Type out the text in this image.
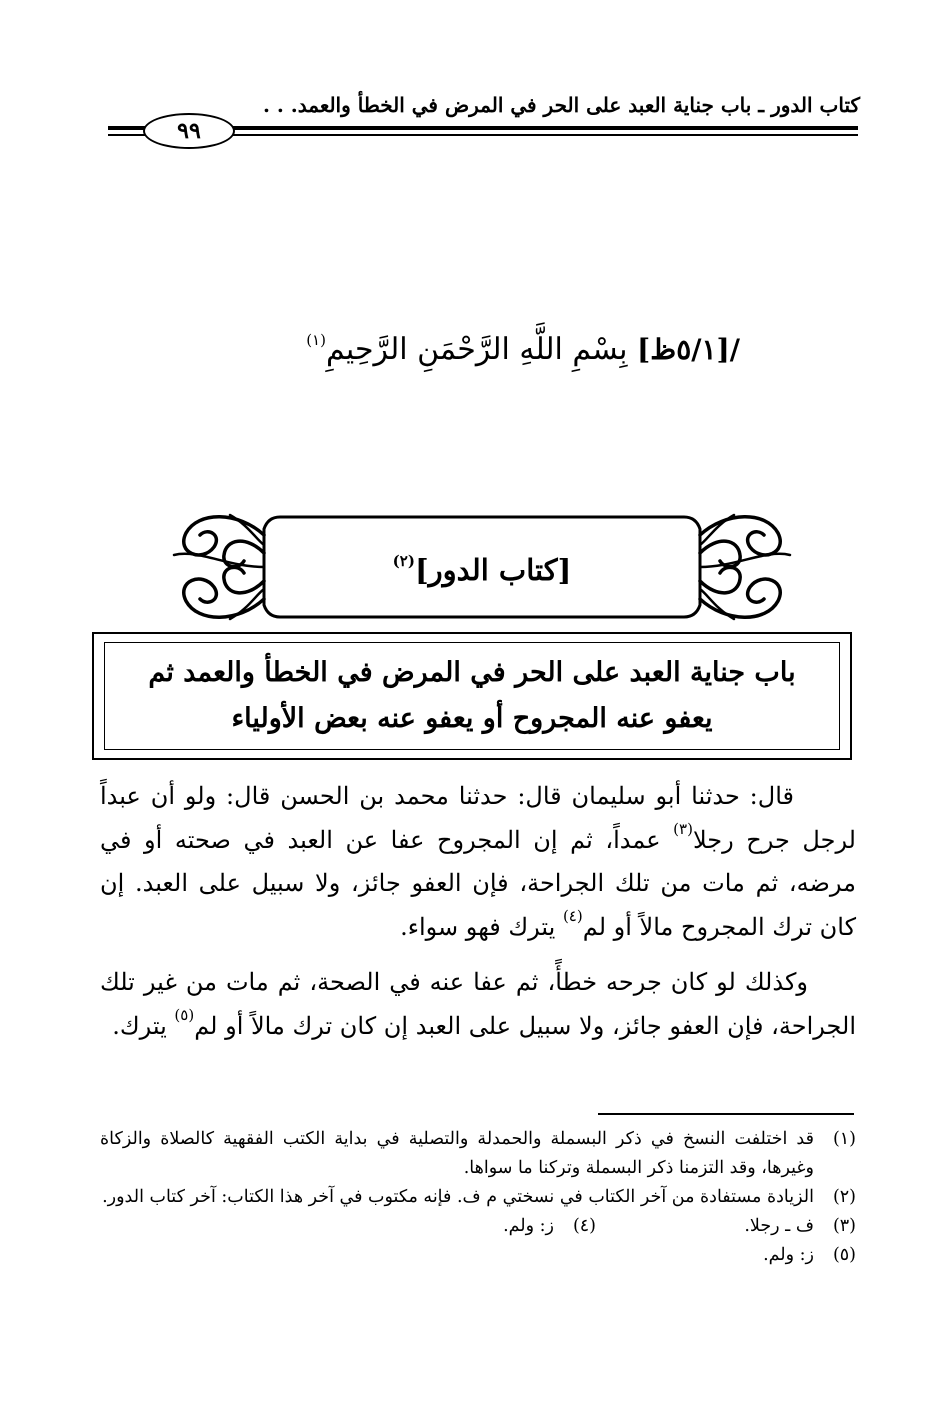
كتاب الدور ـ باب جناية العبد على الحر في المرض في الخطأ والعمد. . .
٩٩
/[٥/١ظ] بِسْمِ اللَّهِ الرَّحْمَنِ الرَّحِيمِ$^{(١)}$
[كتاب الدور]$^{(٢)}$
باب جناية العبد على الحر في المرض في الخطأ والعمد ثم
يعفو عنه المجروح أو يعفو عنه بعض الأولياء

قال: حدثنا أبو سليمان قال: حدثنا محمد بن الحسن قال: ولو أن عبداً لرجل جرح رجلا$^{(٣)}$ عمداً، ثم إن المجروح عفا عن العبد في صحته أو في مرضه، ثم مات من تلك الجراحة، فإن العفو جائز، ولا سبيل على العبد. إن كان ترك المجروح مالاً أو لم$^{(٤)}$ يترك فهو سواء.

وكذلك لو كان جرحه خطأً، ثم عفا عنه في الصحة، ثم مات من غير تلك الجراحة، فإن العفو جائز، ولا سبيل على العبد إن كان ترك مالاً أو لم$^{(٥)}$ يترك.

(١)
قد اختلفت النسخ في ذكر البسملة والحمدلة والتصلية في بداية الكتب الفقهية كالصلاة والزكاة وغيرها، وقد التزمنا ذكر البسملة وتركنا ما سواها.
(٢)
الزيادة مستفادة من آخر الكتاب في نسختي م ف. فإنه مكتوب في آخر هذا الكتاب: آخر كتاب الدور.
(٣)
ف ـ رجلا.
(٤)
ز: ولم.
(٥)
ز: ولم.
